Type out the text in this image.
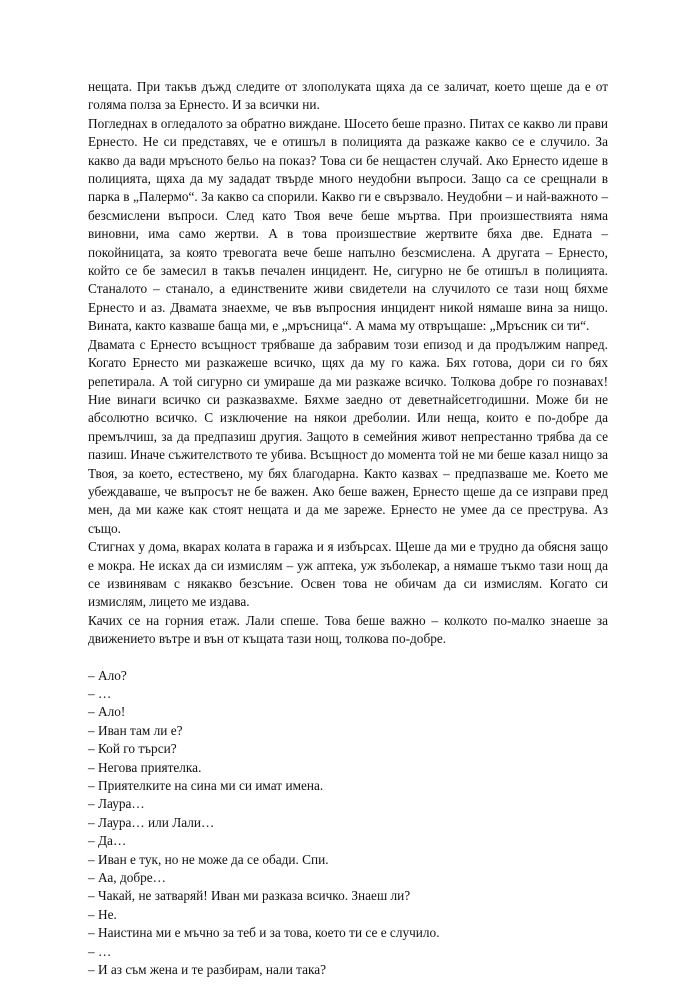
нещата. При такъв дъжд следите от злополуката щяха да се заличат, което щеше да е от голяма полза за Ернесто. И за всички ни.

Погледнах в огледалото за обратно виждане. Шосето беше празно. Питах се какво ли прави Ернесто. Не си представях, че е отишъл в полицията да разкаже какво се е случило. За какво да вади мръсното бельо на показ? Това си бе нещастен случай. Ако Ернесто идеше в полицията, щяха да му зададат твърде много неудобни въпроси. Защо са се срещнали в парка в „Палермо“. За какво са спорили. Какво ги е свързвало. Неудобни – и най-важното – безсмислени въпроси. След като Твоя вече беше мъртва. При произшествията няма виновни, има само жертви. А в това произшествие жертвите бяха две. Едната – покойницата, за която тревогата вече беше напълно безсмислена. А другата – Ернесто, който се бе замесил в такъв печален инцидент. Не, сигурно не бе отишъл в полицията. Станалото – станало, а единствените живи свидетели на случилото се тази нощ бяхме Ернесто и аз. Двамата знаехме, че във въпросния инцидент никой нямаше вина за нищо. Вината, както казваше баща ми, е „мръсница“. А мама му отвръщаше: „Мръсник си ти“.

Двамата с Ернесто всъщност трябваше да забравим този епизод и да продължим напред. Когато Ернесто ми разкажеше всичко, щях да му го кажа. Бях готова, дори си го бях репетирала. А той сигурно си умираше да ми разкаже всичко. Толкова добре го познавах! Ние винаги всичко си разказвахме. Бяхме заедно от деветнайсетгодишни. Може би не абсолютно всичко. С изключение на някои дреболии. Или неща, които е по-добре да премълчиш, за да предпазиш другия. Защото в семейния живот непрестанно трябва да се пазиш. Иначе съжителството те убива. Всъщност до момента той не ми беше казал нищо за Твоя, за което, естествено, му бях благодарна. Както казвах – предпазваше ме. Което ме убеждаваше, че въпросът не бе важен. Ако беше важен, Ернесто щеше да се изправи пред мен, да ми каже как стоят нещата и да ме зареже. Ернесто не умее да се преструва. Аз също.

Стигнах у дома, вкарах колата в гаража и я избърсах. Щеше да ми е трудно да обясня защо е мокра. Не исках да си измислям – уж аптека, уж зъболекар, а нямаше тъкмо тази нощ да се извинявам с някакво безсъние. Освен това не обичам да си измислям. Когато си измислям, лицето ме издава.

Качих се на горния етаж. Лали спеше. Това беше важно – колкото по-малко знаеше за движението вътре и вън от къщата тази нощ, толкова по-добре.

– Ало?

– …

– Ало!

– Иван там ли е?

– Кой го търси?

– Негова приятелка.

– Приятелките на сина ми си имат имена.

– Лаура…

– Лаура… или Лали…

– Да…

– Иван е тук, но не може да се обади. Спи.

– Аа, добре…

– Чакай, не затваряй! Иван ми разказа всичко. Знаеш ли?

– Не.

– Наистина ми е мъчно за теб и за това, което ти се е случило.

– …

– И аз съм жена и те разбирам, нали така?
